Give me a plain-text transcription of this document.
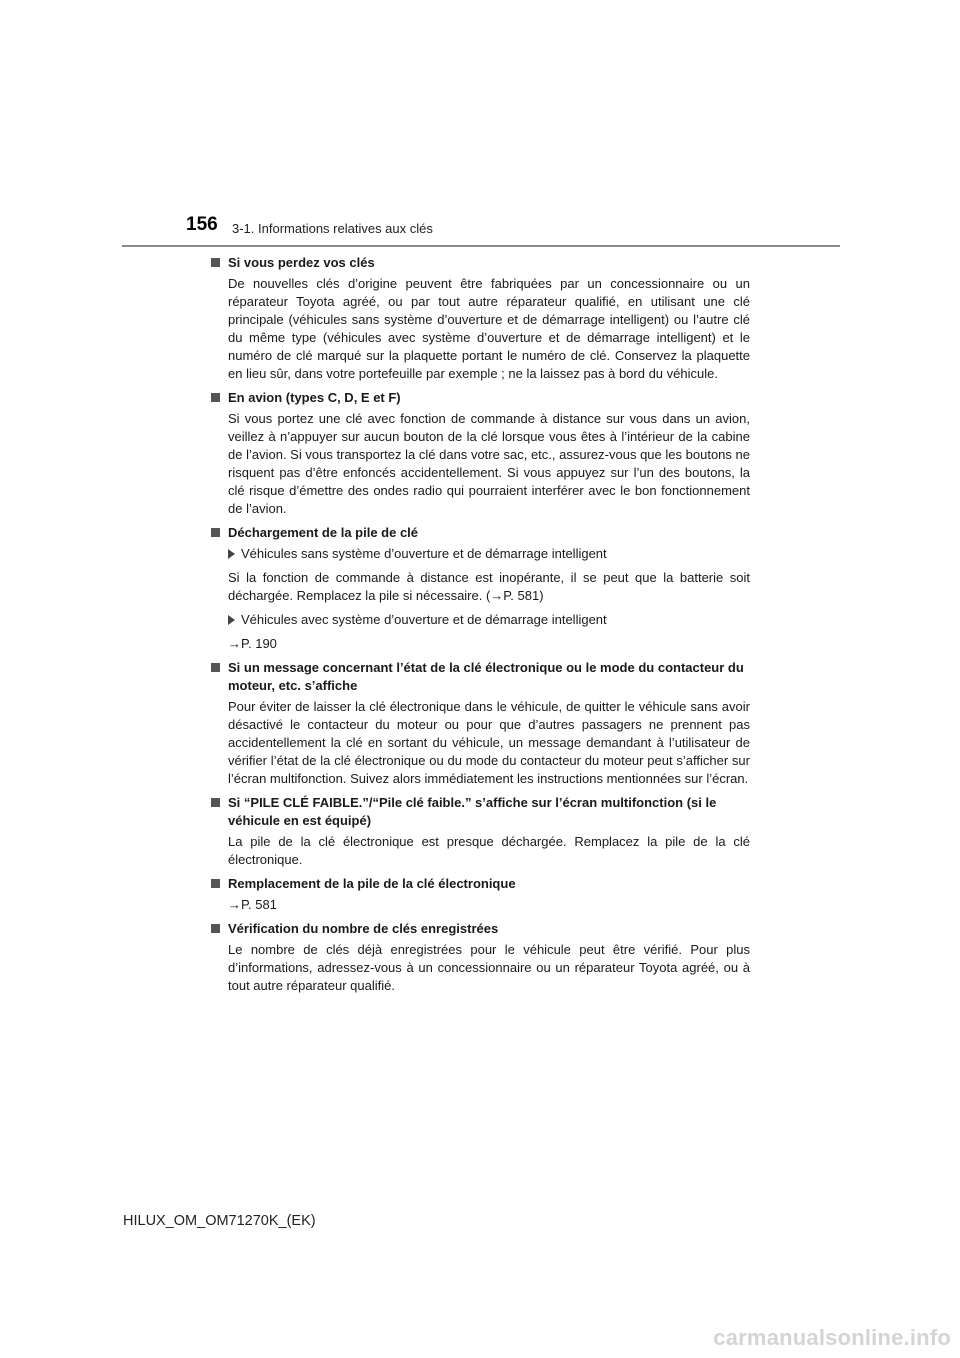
156 3-1. Informations relatives aux clés
Si vous perdez vos clés

De nouvelles clés d’origine peuvent être fabriquées par un concessionnaire ou un réparateur Toyota agréé, ou par tout autre réparateur qualifié, en utilisant une clé principale (véhicules sans système d’ouverture et de démarrage intelligent) ou l’autre clé du même type (véhicules avec système d’ouverture et de démarrage intelligent) et le numéro de clé marqué sur la plaquette portant le numéro de clé. Conservez la plaquette en lieu sûr, dans votre portefeuille par exemple ; ne la laissez pas à bord du véhicule.

En avion (types C, D, E et F)

Si vous portez une clé avec fonction de commande à distance sur vous dans un avion, veillez à n’appuyer sur aucun bouton de la clé lorsque vous êtes à l’intérieur de la cabine de l’avion. Si vous transportez la clé dans votre sac, etc., assurez-vous que les boutons ne risquent pas d’être enfoncés accidentellement. Si vous appuyez sur l’un des boutons, la clé risque d’émettre des ondes radio qui pourraient interférer avec le bon fonctionnement de l’avion.

Déchargement de la pile de clé
Véhicules sans système d’ouverture et de démarrage intelligent

Si la fonction de commande à distance est inopérante, il se peut que la batterie soit déchargée. Remplacez la pile si nécessaire. (→P. 581)

Véhicules avec système d’ouverture et de démarrage intelligent

→P. 190

Si un message concernant l’état de la clé électronique ou le mode du contacteur du moteur, etc. s’affiche

Pour éviter de laisser la clé électronique dans le véhicule, de quitter le véhicule sans avoir désactivé le contacteur du moteur ou pour que d’autres passagers ne prennent pas accidentellement la clé en sortant du véhicule, un message demandant à l’utilisateur de vérifier l’état de la clé électronique ou du mode du contacteur du moteur peut s’afficher sur l’écran multifonction. Suivez alors immédiatement les instructions mentionnées sur l’écran.

Si “PILE CLÉ FAIBLE.”/“Pile clé faible.” s’affiche sur l’écran multifonction (si le véhicule en est équipé)

La pile de la clé électronique est presque déchargée. Remplacez la pile de la clé électronique.

Remplacement de la pile de la clé électronique

→P. 581

Vérification du nombre de clés enregistrées

Le nombre de clés déjà enregistrées pour le véhicule peut être vérifié. Pour plus d’informations, adressez-vous à un concessionnaire ou un réparateur Toyota agréé, ou à tout autre réparateur qualifié.

HILUX_OM_OM71270K_(EK)
carmanualsonline.info
